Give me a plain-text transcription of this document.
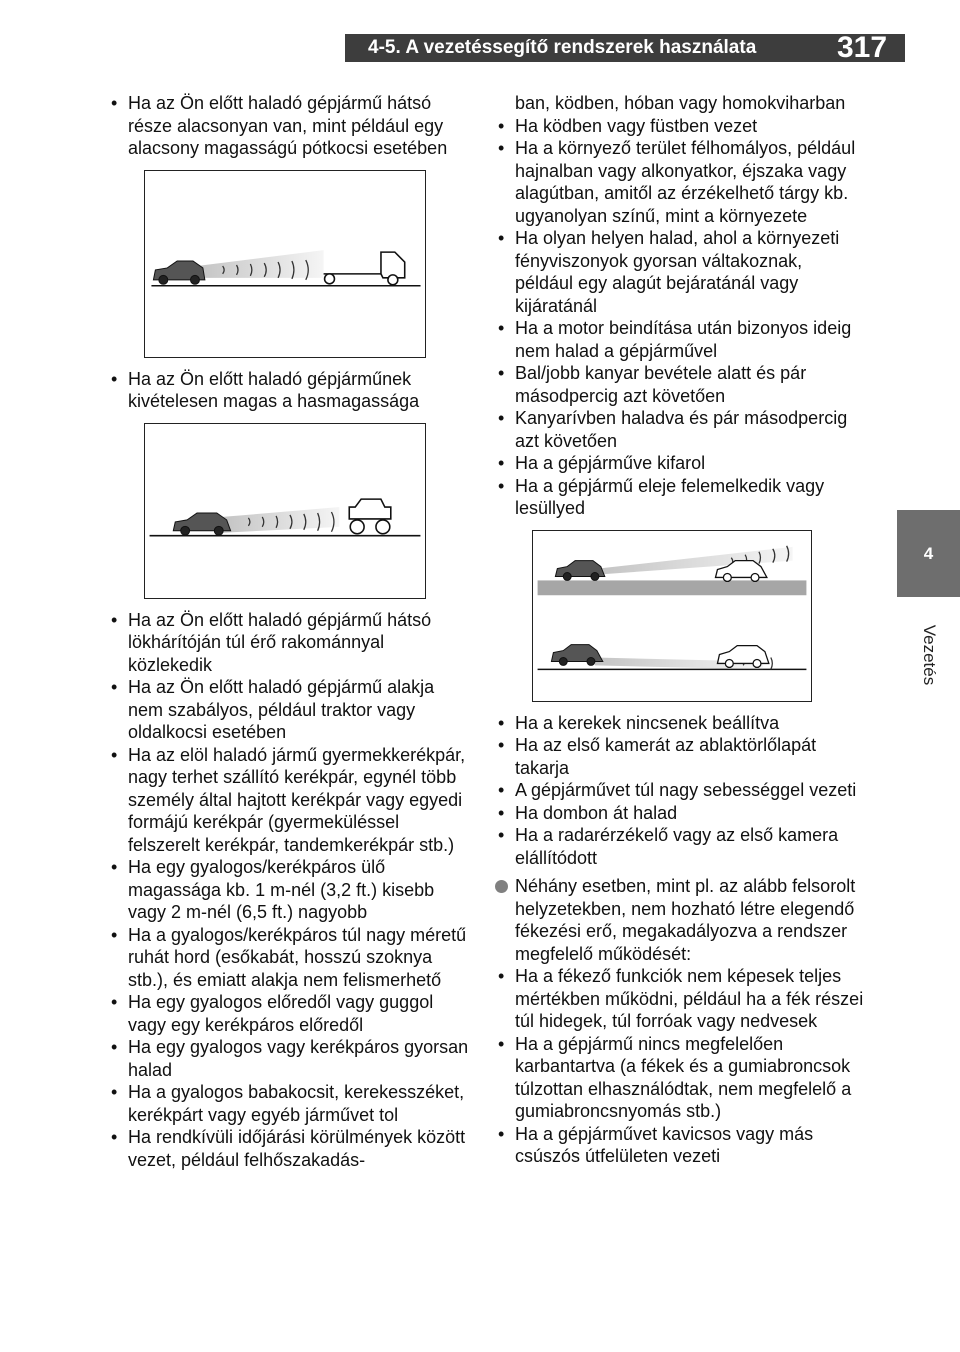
4-5. A vezetéssegítő rendszerek használata	317
4
Vezetés
• Ha az Ön előtt haladó gépjármű hátsó része alacsonyan van, mint például egy alacsony magasságú pótkocsi esetében
• Ha az Ön előtt haladó gépjárműnek kivételesen magas a hasmagassága
• Ha az Ön előtt haladó gépjármű hátsó lökhárítóján túl érő rakománnyal közlekedik
• Ha az Ön előtt haladó gépjármű alakja nem szabályos, például traktor vagy oldalkocsi esetében
• Ha az elöl haladó jármű gyermekkerékpár, nagy terhet szállító kerékpár, egynél több személy által hajtott kerékpár vagy egyedi formájú kerékpár (gyermeküléssel felszerelt kerékpár, tandemkerékpár stb.)
• Ha egy gyalogos/kerékpáros ülő magassága kb. 1 m-nél (3,2 ft.) kisebb vagy 2 m-nél (6,5 ft.) nagyobb
• Ha a gyalogos/kerékpáros túl nagy méretű ruhát hord (esőkabát, hosszú szoknya stb.), és emiatt alakja nem felismerhető
• Ha egy gyalogos előredől vagy guggol vagy egy kerékpáros előredől
• Ha egy gyalogos vagy kerékpáros gyorsan halad
• Ha a gyalogos babakocsit, kerekesszéket, kerékpárt vagy egyéb járművet tol
• Ha rendkívüli időjárási körülmények között vezet, például felhőszakadás-
ban, ködben, hóban vagy homokviharban
• Ha ködben vagy füstben vezet
• Ha a környező terület félhomályos, például hajnalban vagy alkonyatkor, éjszaka vagy alagútban, amitől az érzékelhető tárgy kb. ugyanolyan színű, mint a környezete
• Ha olyan helyen halad, ahol a környezeti fényviszonyok gyorsan váltakoznak, például egy alagút bejáratánál vagy kijáratánál
• Ha a motor beindítása után bizonyos ideig nem halad a gépjárművel
• Bal/jobb kanyar bevétele alatt és pár másodpercig azt követően
• Kanyarívben haladva és pár másodpercig azt követően
• Ha a gépjárműve kifarol
• Ha a gépjármű eleje felemelkedik vagy lesüllyed
• Ha a kerekek nincsenek beállítva
• Ha az első kamerát az ablaktörlőlapát takarja
• A gépjárművet túl nagy sebességgel vezeti
• Ha dombon át halad
• Ha a radarérzékelő vagy az első kamera elállítódott
Néhány esetben, mint pl. az alább felsorolt helyzetekben, nem hozható létre elegendő fékezési erő, megakadályozva a rendszer megfelelő működését:
• Ha a fékező funkciók nem képesek teljes mértékben működni, például ha a fék részei túl hidegek, túl forróak vagy nedvesek
• Ha a gépjármű nincs megfelelően karbantartva (a fékek és a gumiabroncsok túlzottan elhasználódtak, nem megfelelő a gumiabroncsnyomás stb.)
• Ha a gépjárművet kavicsos vagy más csúszós útfelületen vezeti
